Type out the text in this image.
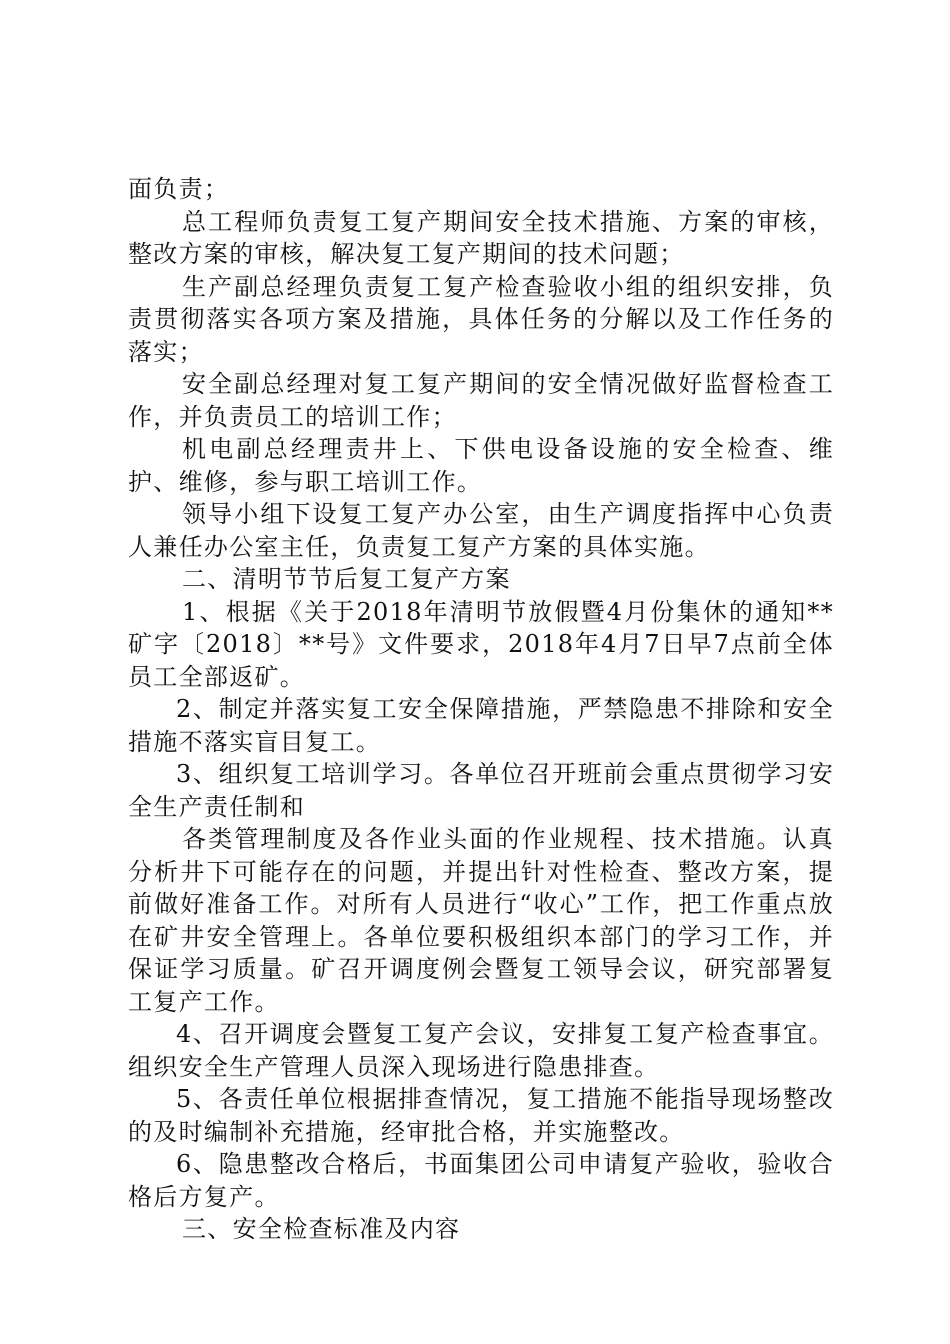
面负责；

总工程师负责复工复产期间安全技术措施、方案的审核，整改方案的审核，解决复工复产期间的技术问题；

生产副总经理负责复工复产检查验收小组的组织安排，负责贯彻落实各项方案及措施，具体任务的分解以及工作任务的落实；

安全副总经理对复工复产期间的安全情况做好监督检查工作，并负责员工的培训工作；

机电副总经理责井上、下供电设备设施的安全检查、维护、维修，参与职工培训工作。

领导小组下设复工复产办公室，由生产调度指挥中心负责人兼任办公室主任，负责复工复产方案的具体实施。

二、清明节节后复工复产方案

1、根据《关于2018年清明节放假暨4月份集休的通知**矿字〔2018〕**号》文件要求，2018年4月7日早7点前全体员工全部返矿。

2、制定并落实复工安全保障措施，严禁隐患不排除和安全措施不落实盲目复工。

3、组织复工培训学习。各单位召开班前会重点贯彻学习安全生产责任制和

各类管理制度及各作业头面的作业规程、技术措施。认真分析井下可能存在的问题，并提出针对性检查、整改方案，提前做好准备工作。对所有人员进行“收心”工作，把工作重点放在矿井安全管理上。各单位要积极组织本部门的学习工作，并保证学习质量。矿召开调度例会暨复工领导会议，研究部署复工复产工作。

4、召开调度会暨复工复产会议，安排复工复产检查事宜。组织安全生产管理人员深入现场进行隐患排查。

5、各责任单位根据排查情况，复工措施不能指导现场整改的及时编制补充措施，经审批合格，并实施整改。

6、隐患整改合格后，书面集团公司申请复产验收，验收合格后方复产。

三、安全检查标准及内容
